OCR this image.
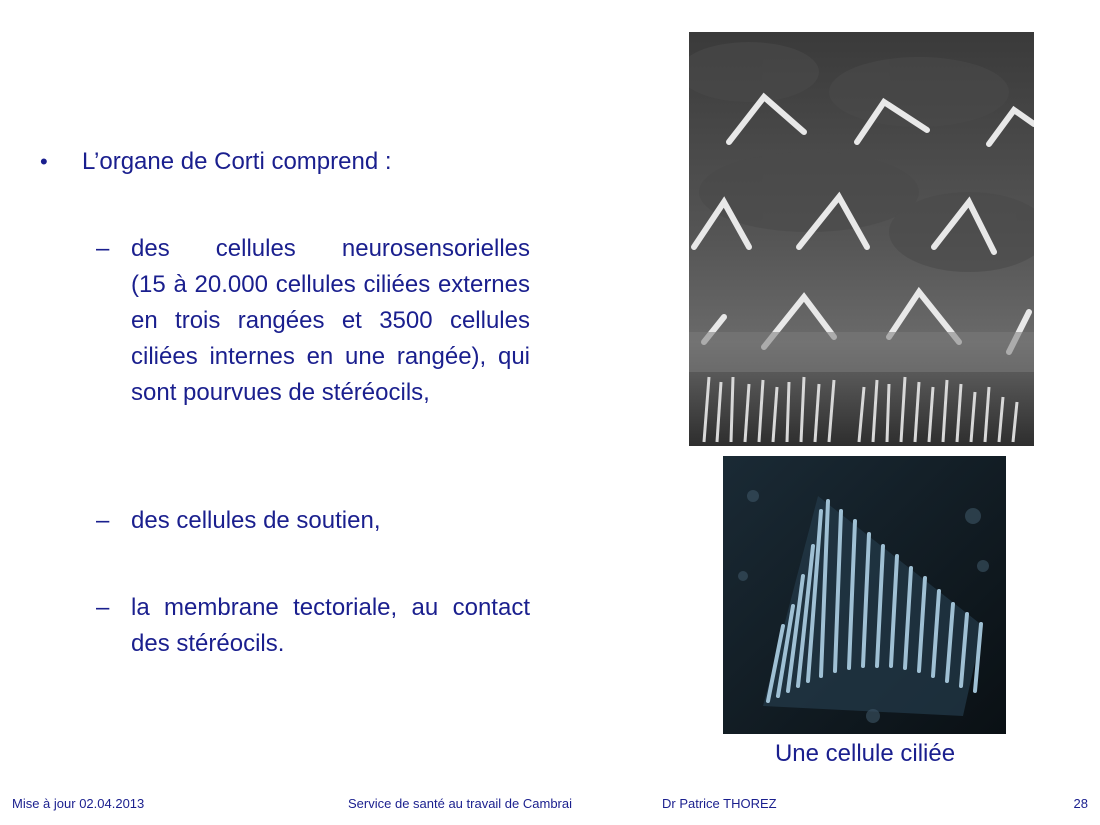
•	L’organe de Corti comprend :
– des cellules neurosensorielles
(15 à 20.000 cellules ciliées externes en trois rangées et 3500 cellules ciliées internes en une rangée), qui sont pourvues de stéréocils,
– des cellules de soutien,
– la membrane tectoriale, au contact des stéréocils.
Une cellule ciliée
Mise à jour 02.04.2013	Service de santé au travail de Cambrai	Dr Patrice THOREZ	28
